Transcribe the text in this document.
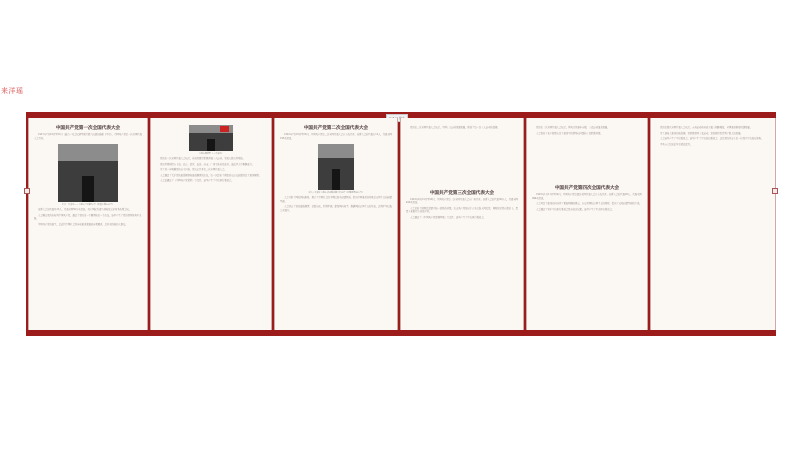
中国共产党第一次全国代表大会
1921年7月23日至31日（最后一天会议移至浙江嘉兴南湖的游船上举行），中国共产党第一次全国代表大会召开。
中共一大会址——上海市兴业路76号（原望志路106号）
出席大会的代表共13人，代表全国50多名党员。共产国际代表马林和尼克尔斯基出席会议。
大会确定党的名称为中国共产党，通过了党的第一个纲领和第一个决议，选举产生了党的领导机构中央局。
中国共产党的诞生，是近代中国社会进步和革命发展的客观要求，是开天辟地的大事变。
上海市辅德里（二大会址）
党的第一次全国代表大会以后，各地党组织积极开展工人运动，党员人数有所增加。
党的早期组织在上海、北京、武汉、长沙、济南、广州等地以及旅日、旅法华人中相继成立。
为了进一步明确党的奋斗目标，党决定召开第二次全国代表大会。
大会通过了关于党的最高纲领和最低纲领的决议，第一次提出了彻底的反帝反封建的民主革命纲领。
大会还通过了《中国共产党章程》等文件，选举产生了中央执行委员会。
中国共产党第二次全国代表大会
1922年7月16日至23日，中国共产党第二次全国代表大会在上海召开。出席大会的代表有12人，代表全国195名党员。
中共二大会址上海市老成都北路7弄30号（原辅德里625号）
大会分析了国际国内形势，揭示了中国社会的半殖民地半封建性质，指出中国革命的对象是帝国主义和封建军阀。
大会制定了党的最低纲领：消除内乱，打倒军阀，建设国内和平；推翻国际帝国主义的压迫，达到中华民族完全独立。
党的第二次全国代表大会以后，中国工人运动迅速发展，掀起了第一次工人运动的高潮。
中国共产党第三次全国代表大会
1923年6月12日至20日，中国共产党第三次全国代表大会在广州召开。出席大会的代表30多人，代表全国420名党员。
大会讨论了同国民党建立统一战线的问题，决定共产党员以个人名义加入国民党，同时保持党在政治上、思想上和组织上的独立性。
大会通过了《中国共产党党纲草案》等文件，选举产生了中央执行委员会。
党的第三次全国代表大会以后，国共合作逐步实现，工农运动蓬勃发展。
大会提出了无产阶级在民主革命中的领导权问题和工农联盟问题。
中国共产党第四次全国代表大会
1925年1月11日至22日，中国共产党第四次全国代表大会在上海召开。出席大会的代表20人，代表全国994名党员。
大会对民主革命的内容作了更加明确的规定，在反对国际帝国主义的同时，提出了反对封建军阀的主张。
大会通过了对于中央执行委员会报告的决议案，选举产生了中央执行委员会。
党的第四次全国代表大会以后，五卅运动和省港大罢工相继爆发，全国革命形势迅速发展。
为了迎接大革命的新高潮，党积极领导工农运动，党的组织也得到了很大的发展。
大会选举产生了中央委员会，选举产生了中央监察委员会，这是党的历史上第一次设立中央监察机构。
中共五大纪念馆位于湖北武汉。
来洋瑶
